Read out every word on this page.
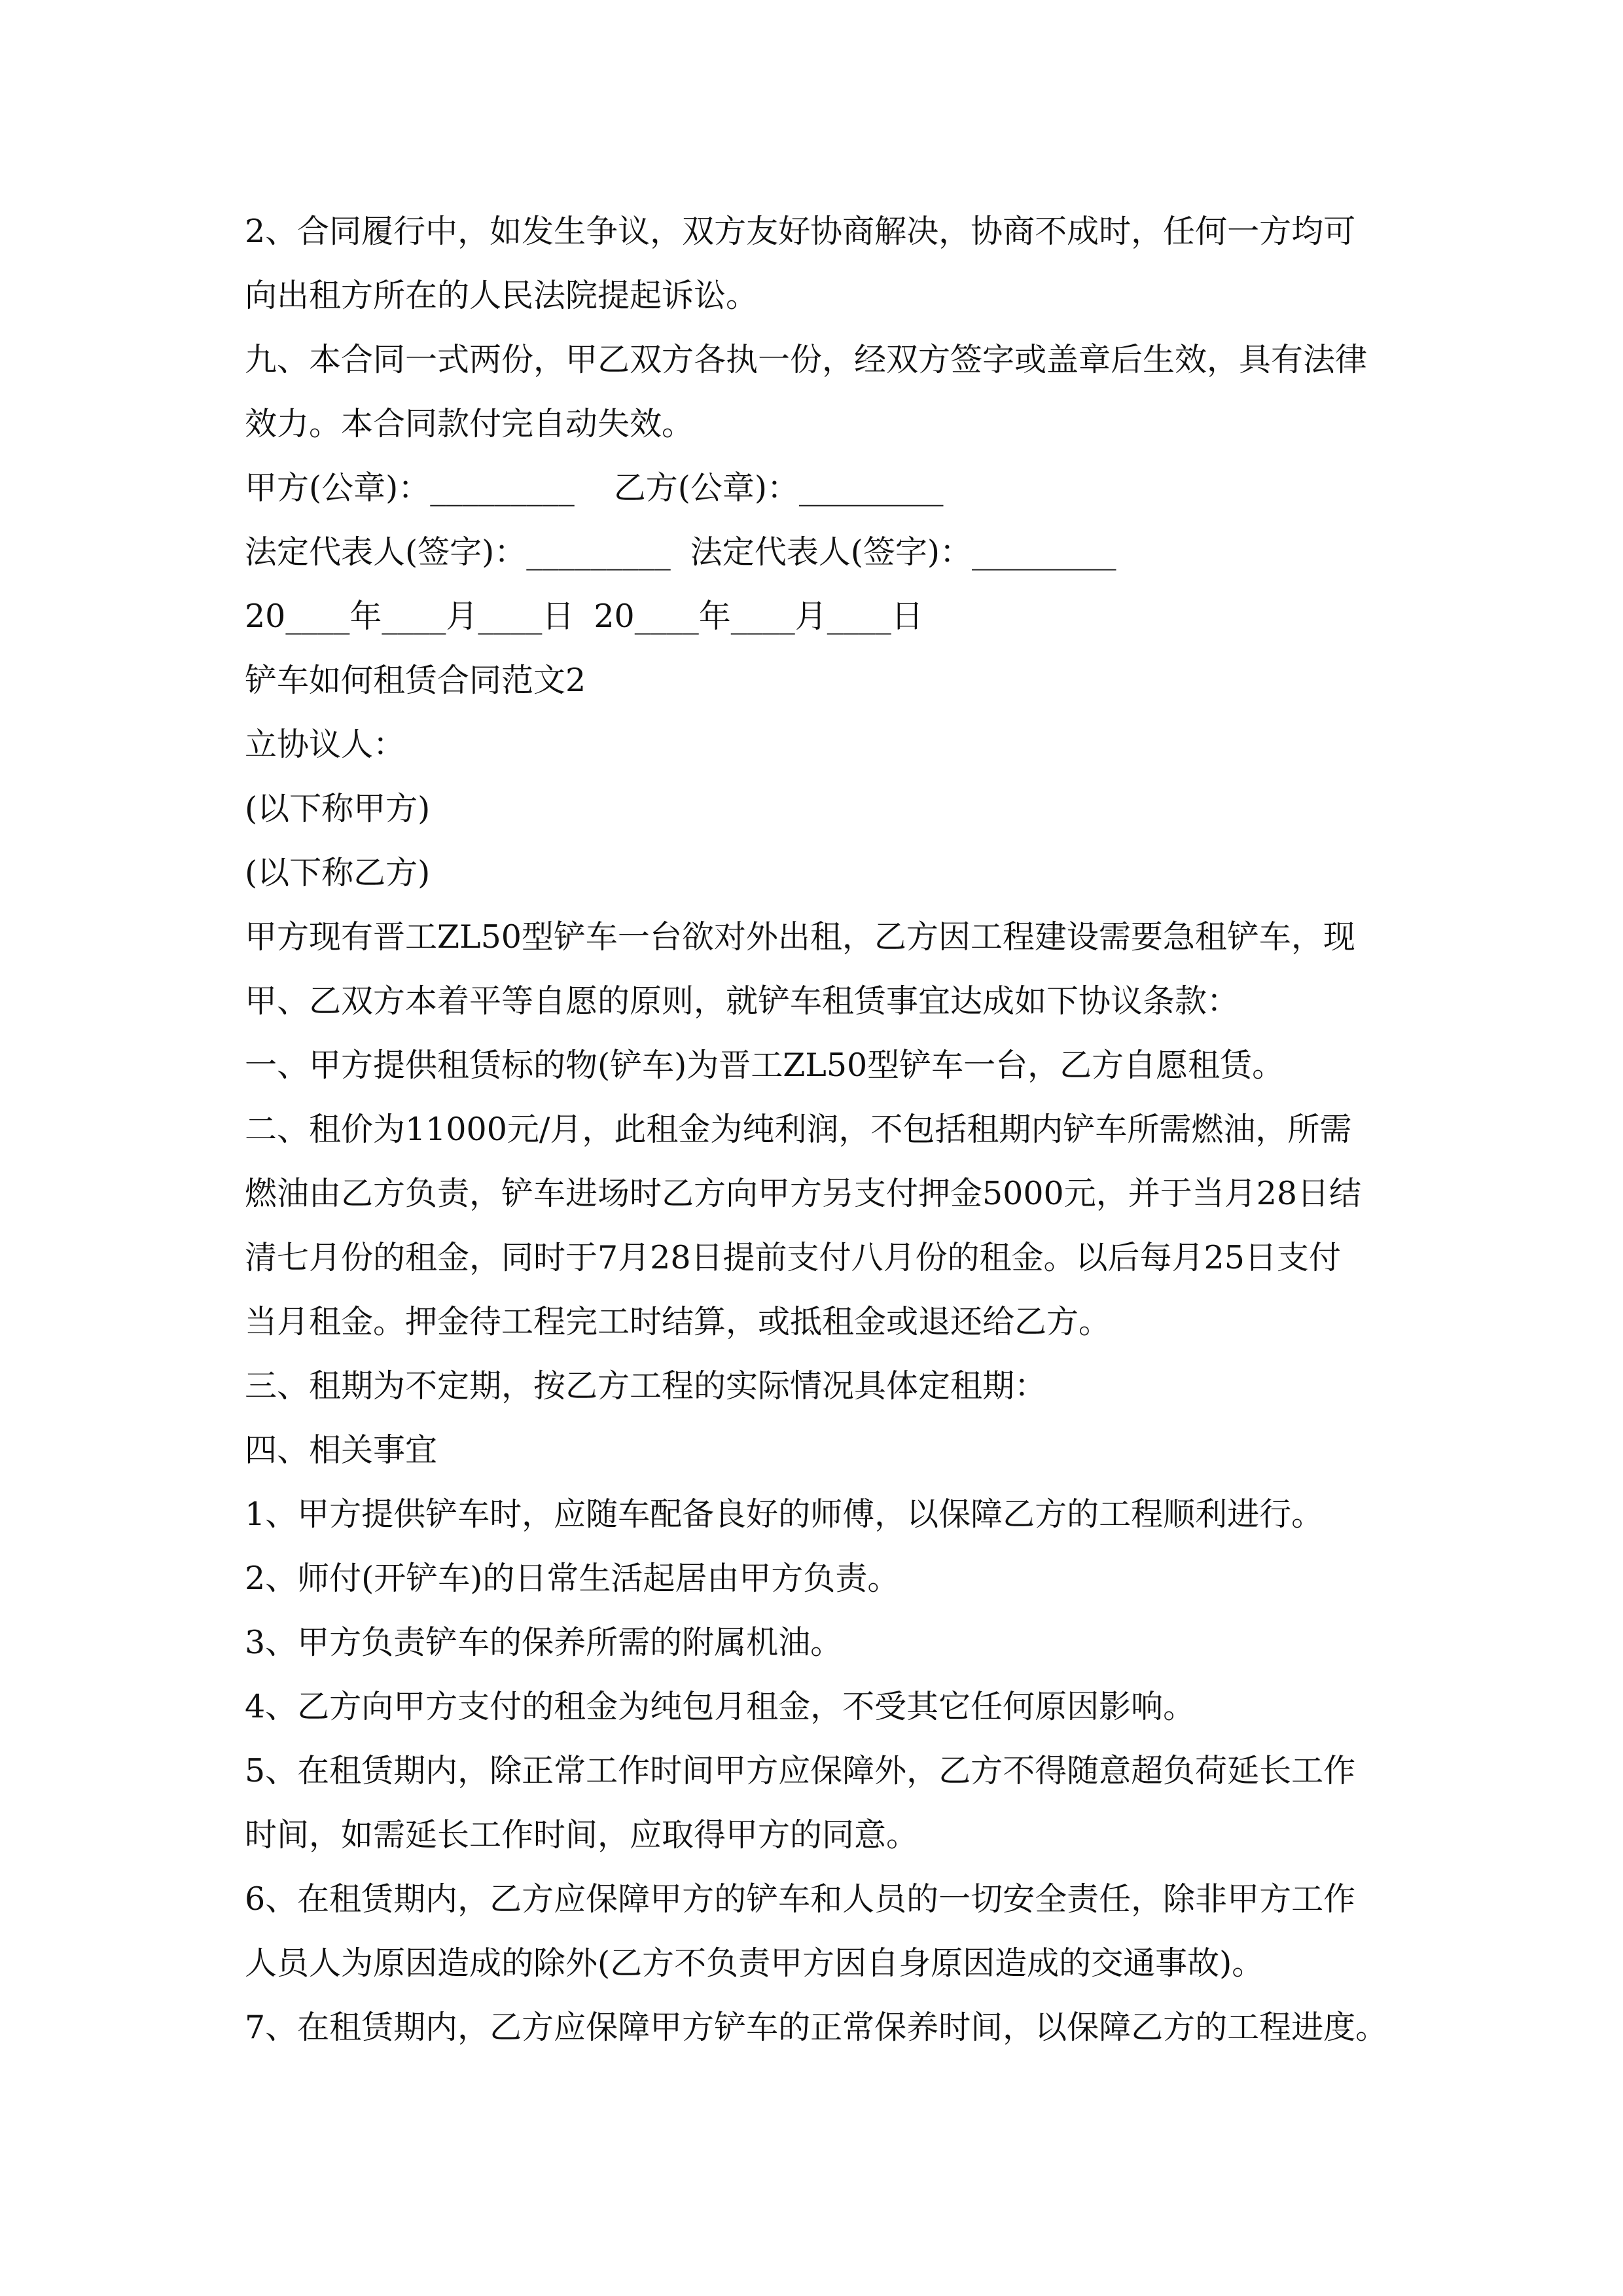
2、合同履行中，如发生争议，双方友好协商解决，协商不成时，任何一方均可

向出租方所在的人民法院提起诉讼。

九、本合同一式两份，甲乙双方各执一份，经双方签字或盖章后生效，具有法律

效力。本合同款付完自动失效。

甲方(公章)：_________ 乙方(公章)：_________

法定代表人(签字)：_________ 法定代表人(签字)：_________

20____年____月____日 20____年____月____日

铲车如何租赁合同范文2

立协议人：

(以下称甲方)

(以下称乙方)

甲方现有晋工ZL50型铲车一台欲对外出租，乙方因工程建设需要急租铲车，现

甲、乙双方本着平等自愿的原则，就铲车租赁事宜达成如下协议条款：

一、甲方提供租赁标的物(铲车)为晋工ZL50型铲车一台，乙方自愿租赁。

二、租价为11000元/月，此租金为纯利润，不包括租期内铲车所需燃油，所需

燃油由乙方负责，铲车进场时乙方向甲方另支付押金5000元，并于当月28日结

清七月份的租金，同时于7月28日提前支付八月份的租金。以后每月25日支付

当月租金。押金待工程完工时结算，或抵租金或退还给乙方。

三、租期为不定期，按乙方工程的实际情况具体定租期：

四、相关事宜

1、甲方提供铲车时，应随车配备良好的师傅，以保障乙方的工程顺利进行。

2、师付(开铲车)的日常生活起居由甲方负责。

3、甲方负责铲车的保养所需的附属机油。

4、乙方向甲方支付的租金为纯包月租金，不受其它任何原因影响。

5、在租赁期内，除正常工作时间甲方应保障外，乙方不得随意超负荷延长工作

时间，如需延长工作时间，应取得甲方的同意。

6、在租赁期内，乙方应保障甲方的铲车和人员的一切安全责任，除非甲方工作

人员人为原因造成的除外(乙方不负责甲方因自身原因造成的交通事故)。

7、在租赁期内，乙方应保障甲方铲车的正常保养时间，以保障乙方的工程进度。
